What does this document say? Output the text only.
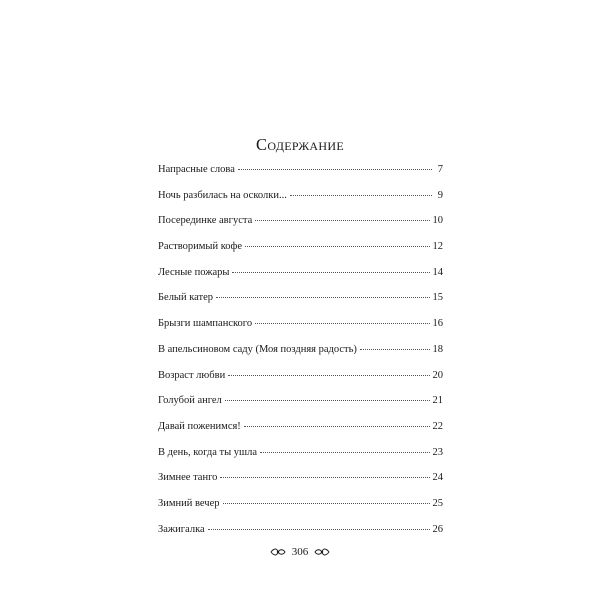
Содержание
Напрасные слова	7
Ночь разбилась на осколки...	9
Посерединке августа	10
Растворимый кофе	12
Лесные пожары	14
Белый катер	15
Брызги шампанского	16
В апельсиновом саду (Моя поздняя радость)	18
Возраст любви	20
Голубой ангел	21
Давай поженимся!	22
В день, когда ты ушла	23
Зимнее танго	24
Зимний вечер	25
Зажигалка	26
306
